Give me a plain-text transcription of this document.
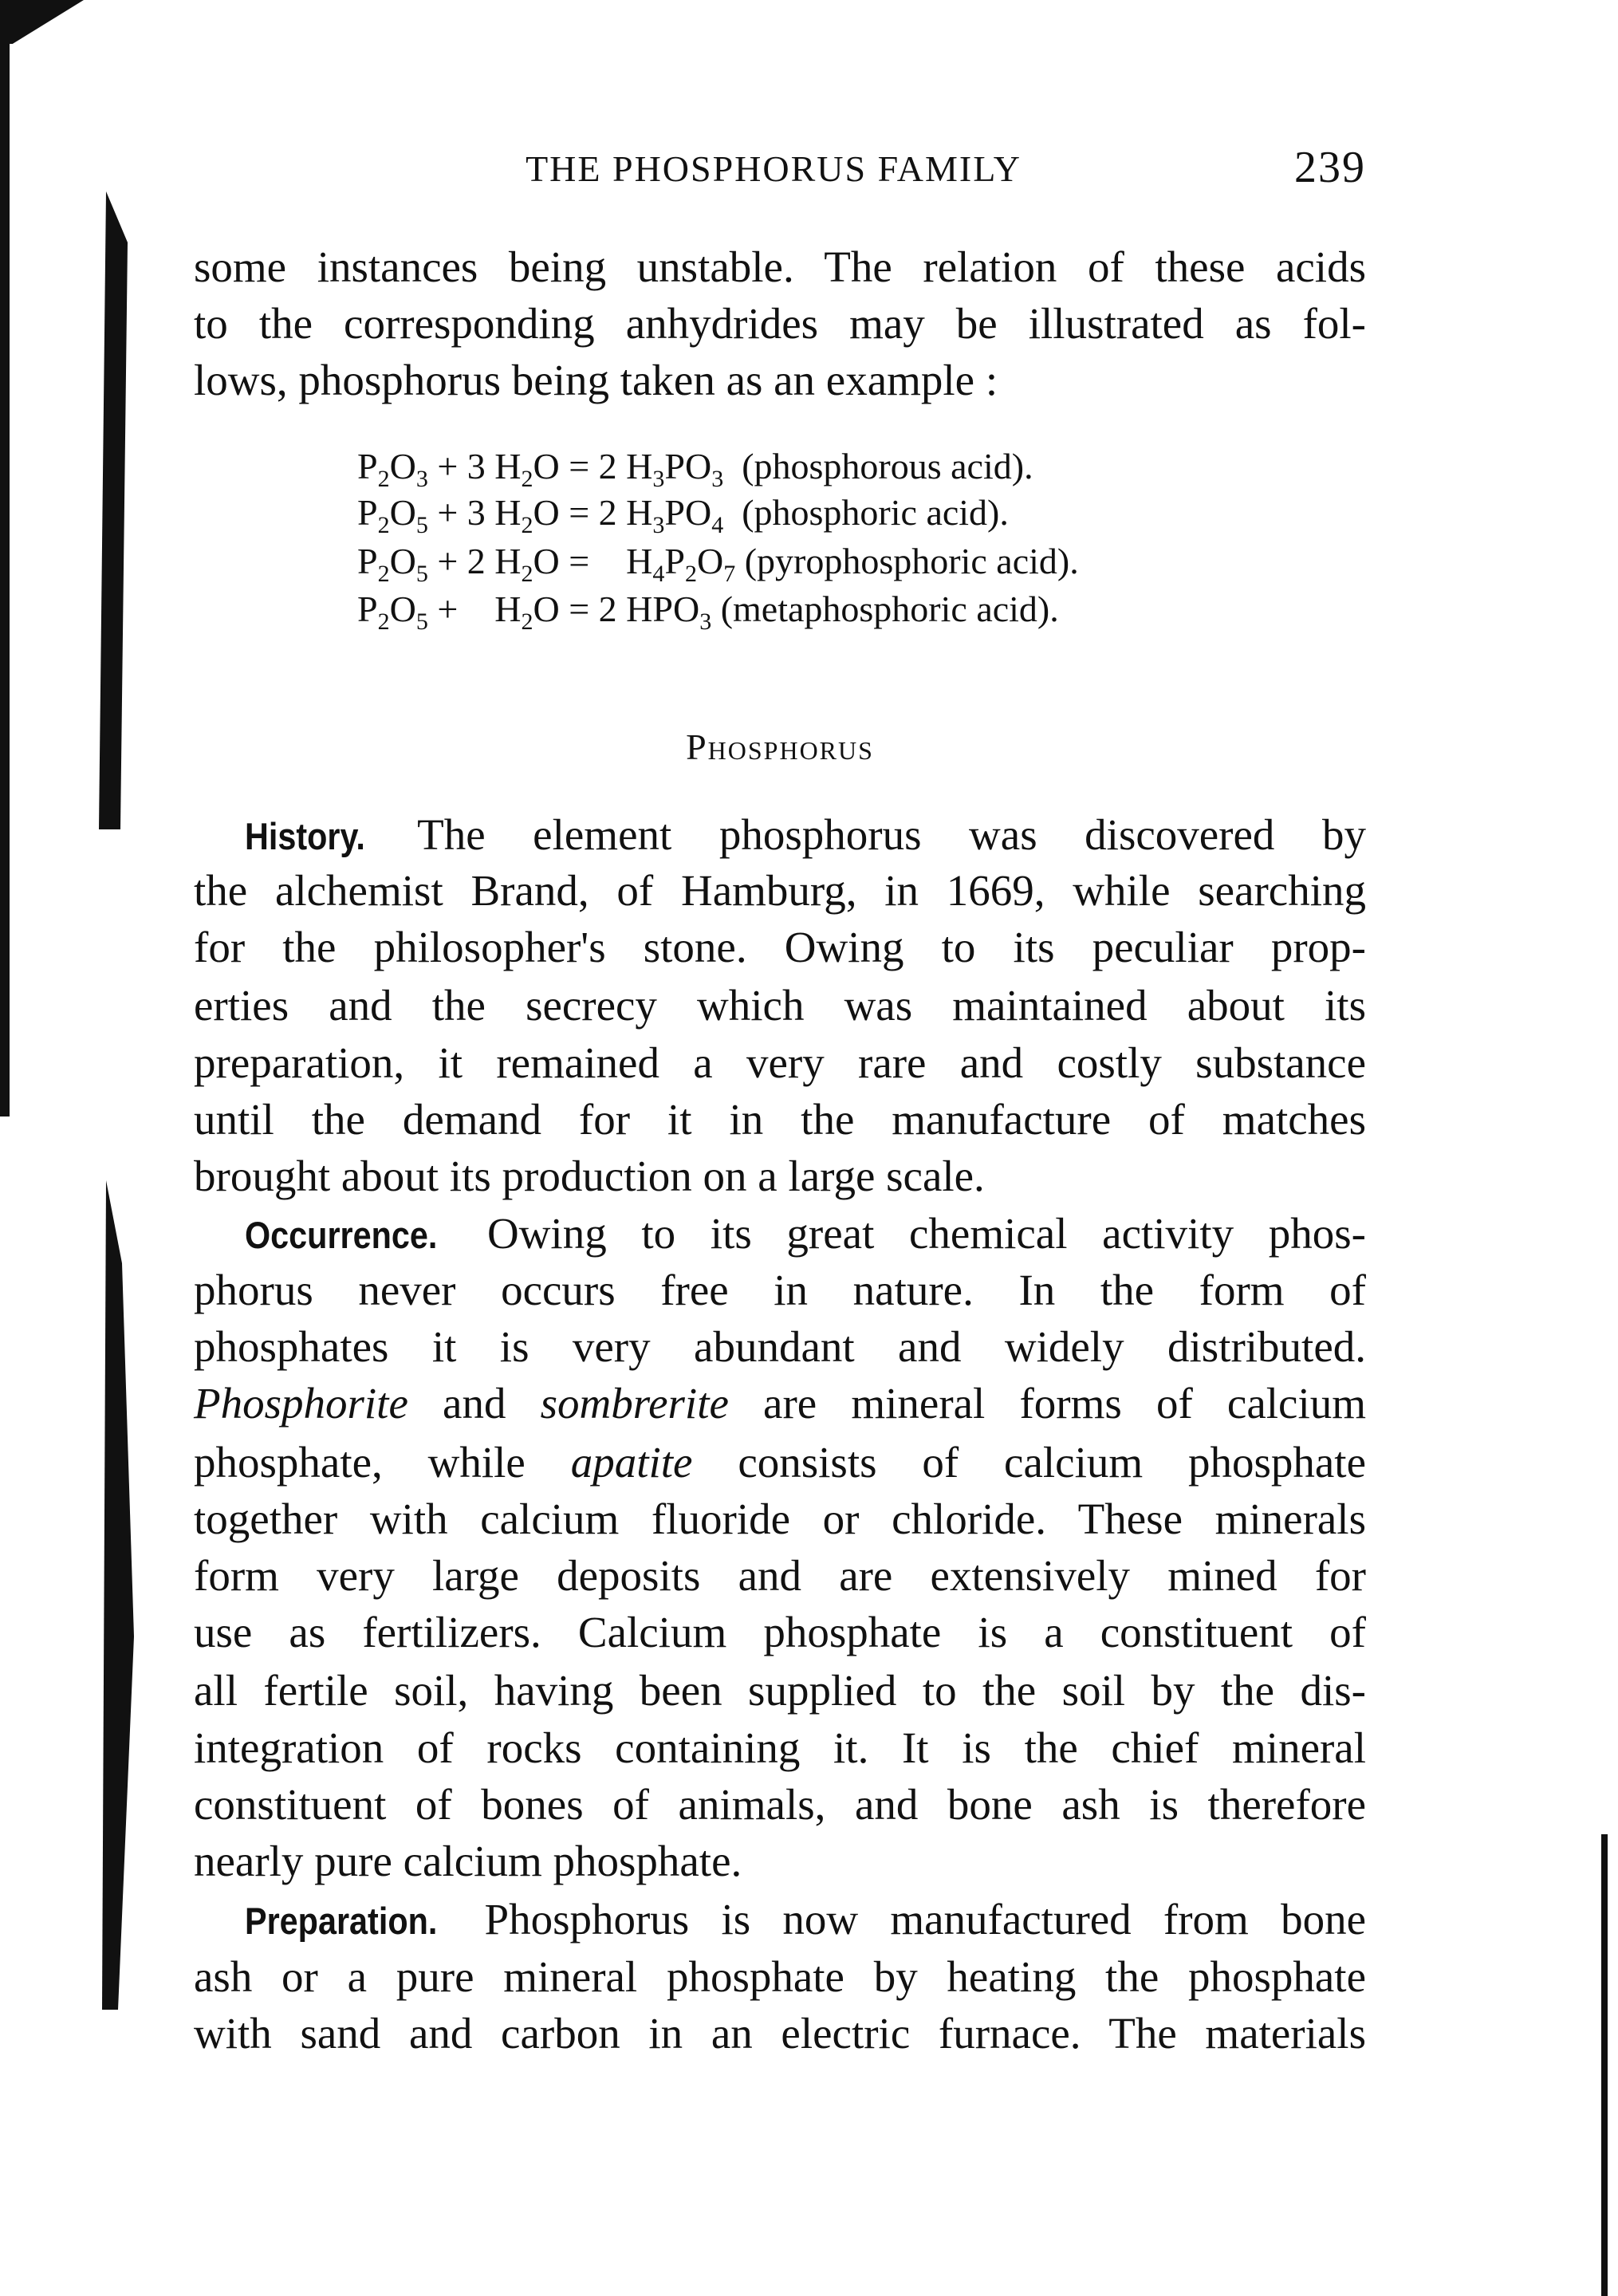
THE PHOSPHORUS FAMILY	239
Phosphorus
some instances being unstable. The relation of these acids
to the corresponding anhydrides may be illustrated as fol-
lows, phosphorus being taken as an example :
$P_2O_3 + 3$ $H_2O = 2$ $H_3PO_3$  (phosphorous acid).
$P_2O_5 + 3$ $H_2O = 2$ $H_3PO_4$  (phosphoric acid).
$P_2O_5 + 2$ $H_2O$ =    $H_4P_2O_7$ (pyrophosphoric acid).
$P_2O_5$ +    $H_2O = 2$ $HPO_3$ (metaphosphoric acid).
History. The element phosphorus was discovered by
the alchemist Brand, of Hamburg, in 1669, while searching
for the philosopher's stone. Owing to its peculiar prop-
erties and the secrecy which was maintained about its
preparation, it remained a very rare and costly substance
until the demand for it in the manufacture of matches
brought about its production on a large scale.
Occurrence. Owing to its great chemical activity phos-
phorus never occurs free in nature. In the form of
phosphates it is very abundant and widely distributed.
Phosphorite and sombrerite are mineral forms of calcium
phosphate, while apatite consists of calcium phosphate
together with calcium fluoride or chloride. These minerals
form very large deposits and are extensively mined for
use as fertilizers. Calcium phosphate is a constituent of
all fertile soil, having been supplied to the soil by the dis-
integration of rocks containing it. It is the chief mineral
constituent of bones of animals, and bone ash is therefore
nearly pure calcium phosphate.
Preparation. Phosphorus is now manufactured from bone
ash or a pure mineral phosphate by heating the phosphate
with sand and carbon in an electric furnace. The materials
